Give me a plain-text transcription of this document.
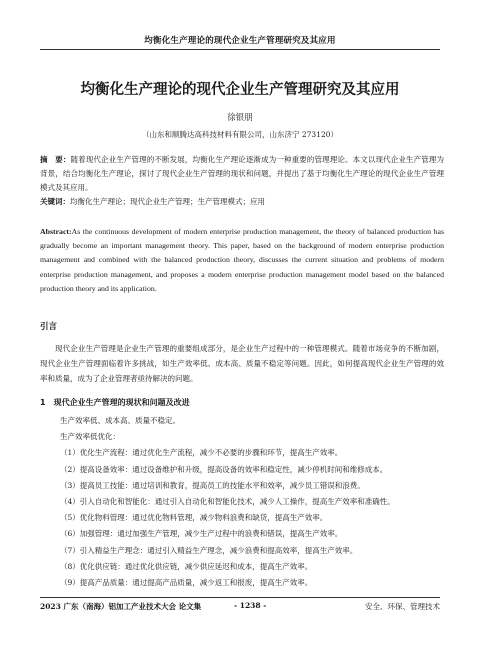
均衡化生产理论的现代企业生产管理研究及其应用
均衡化生产理论的现代企业生产管理研究及其应用
徐银朋
（山东和顺腾达高科技材料有限公司，山东济宁 273120）
摘　要：随着现代企业生产管理的不断发展，均衡化生产理论逐渐成为一种重要的管理理论。本文以现代企业生产管理为背景，结合均衡化生产理论，探讨了现代企业生产管理的现状和问题，并提出了基于均衡化生产理论的现代企业生产管理模式及其应用。
关键词：均衡化生产理论；现代企业生产管理；生产管理模式；应用
Abstract:As the continuous development of modern enterprise production management, the theory of balanced production has gradually become an important management theory. This paper, based on the background of modern enterprise production management and combined with the balanced production theory, discusses the current situation and problems of modern enterprise production management, and proposes a modern enterprise production management model based on the balanced production theory and its application.
引言
现代企业生产管理是企业生产管理的重要组成部分，是企业生产过程中的一种管理模式。随着市场竞争的不断加剧，现代企业生产管理面临着许多挑战，如生产效率低、成本高、质量不稳定等问题。因此，如何提高现代企业生产管理的效率和质量，成为了企业管理者亟待解决的问题。
1　现代企业生产管理的现状和问题及改进
生产效率低、成本高、质量不稳定。
生产效率低优化：
（1）优化生产流程：通过优化生产流程，减少不必要的步骤和环节，提高生产效率。
（2）提高设备效率：通过设备维护和升级，提高设备的效率和稳定性，减少停机时间和维修成本。
（3）提高员工技能：通过培训和教育，提高员工的技能水平和效率，减少员工错误和浪费。
（4）引入自动化和智能化：通过引入自动化和智能化技术，减少人工操作，提高生产效率和准确性。
（5）优化物料管理：通过优化物料管理，减少物料浪费和缺货，提高生产效率。
（6）加强管理：通过加强生产管理，减少生产过程中的浪费和错误，提高生产效率。
（7）引入精益生产理念：通过引入精益生产理念，减少浪费和提高效率，提高生产效率。
（8）优化供应链：通过优化供应链，减少供应延迟和成本，提高生产效率。
（9）提高产品质量：通过提高产品质量，减少返工和报废，提高生产效率。
2023 广东（南海）铝加工产业技术大会 论文集	- 1238 -	安全、环保、管理技术
